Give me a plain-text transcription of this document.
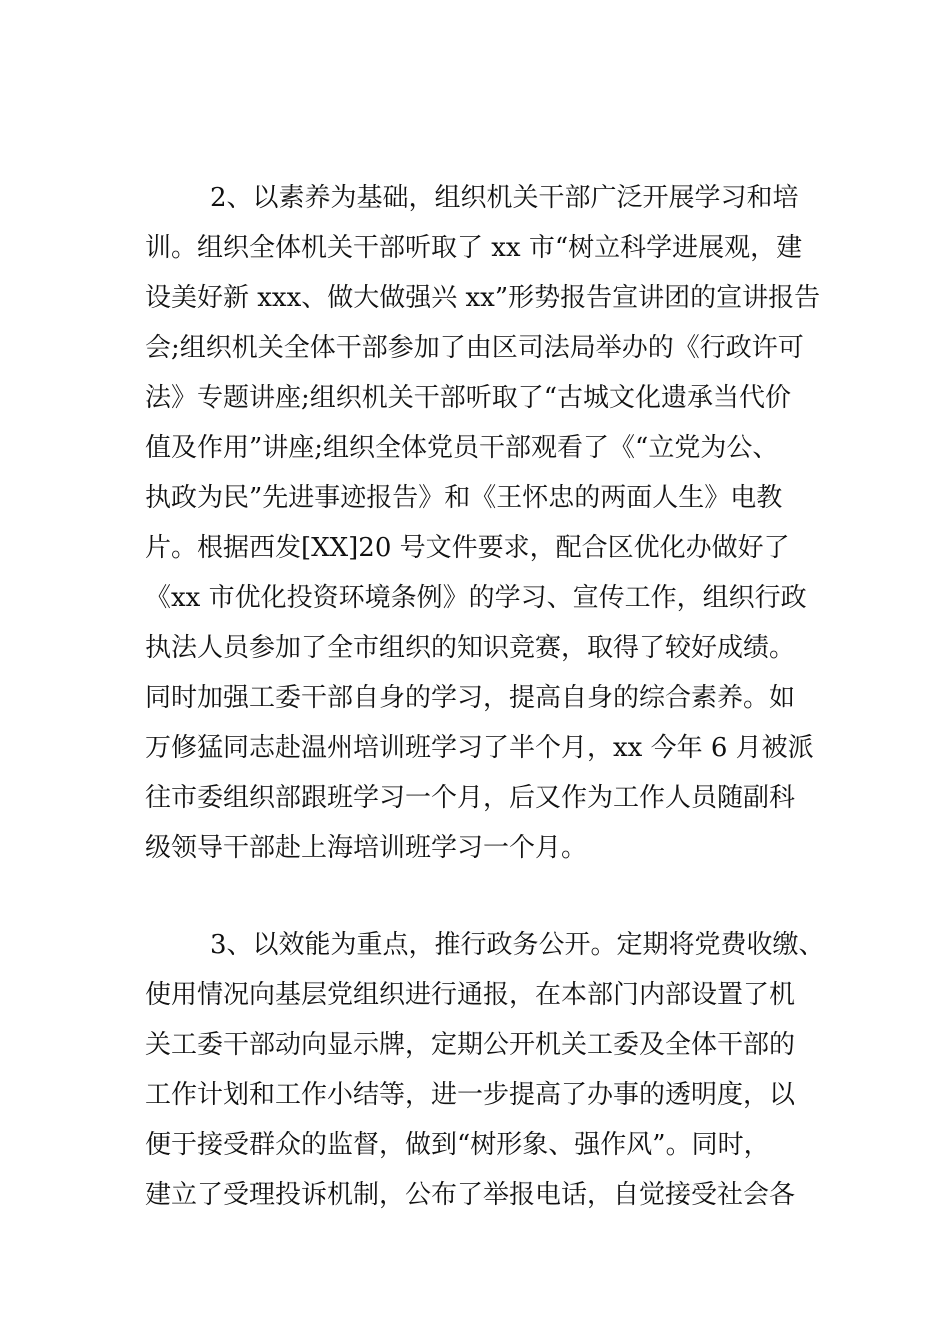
2、以素养为基础，组织机关干部广泛开展学习和培
训。组织全体机关干部听取了 xx 市“树立科学进展观，建
设美好新 xxx、做大做强兴 xx”形势报告宣讲团的宣讲报告
会;组织机关全体干部参加了由区司法局举办的《行政许可
法》专题讲座;组织机关干部听取了“古城文化遗承当代价
值及作用”讲座;组织全体党员干部观看了《“立党为公、
执政为民”先进事迹报告》和《王怀忠的两面人生》电教
片。根据西发[XX]20 号文件要求，配合区优化办做好了
《xx 市优化投资环境条例》的学习、宣传工作，组织行政
执法人员参加了全市组织的知识竞赛，取得了较好成绩。
同时加强工委干部自身的学习，提高自身的综合素养。如
万修猛同志赴温州培训班学习了半个月，xx 今年 6 月被派
往市委组织部跟班学习一个月，后又作为工作人员随副科
级领导干部赴上海培训班学习一个月。
3、以效能为重点，推行政务公开。定期将党费收缴、
使用情况向基层党组织进行通报，在本部门内部设置了机
关工委干部动向显示牌，定期公开机关工委及全体干部的
工作计划和工作小结等，进一步提高了办事的透明度，以
便于接受群众的监督，做到“树形象、强作风”。同时，
建立了受理投诉机制，公布了举报电话，自觉接受社会各
